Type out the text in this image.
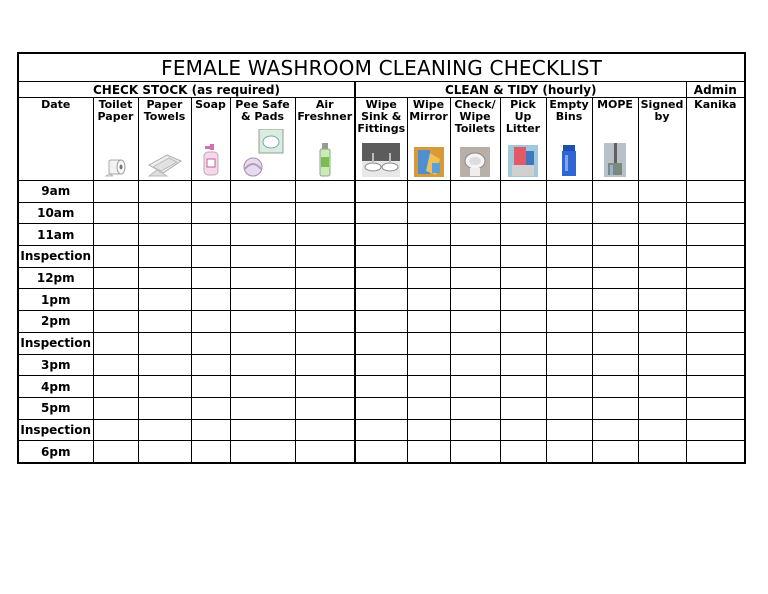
FEMALE WASHROOM CLEANING CHECKLIST													
CHECK STOCK (as required)						CLEAN & TIDY (hourly)							Admin

Date	Toilet Paper	Paper Towels	Soap	Pee Safe & Pads	Air Freshner	Wipe Sink & Fittings	Wipe Mirror	Check/ Wipe Toilets	Pick Up Litter	Empty Bins	MOPE	Signed by	Kanika

9am													
10am													
11am													
Inspection													
12pm													
1pm													
2pm													
Inspection													
3pm													
4pm													
5pm													
Inspection													
6pm													
